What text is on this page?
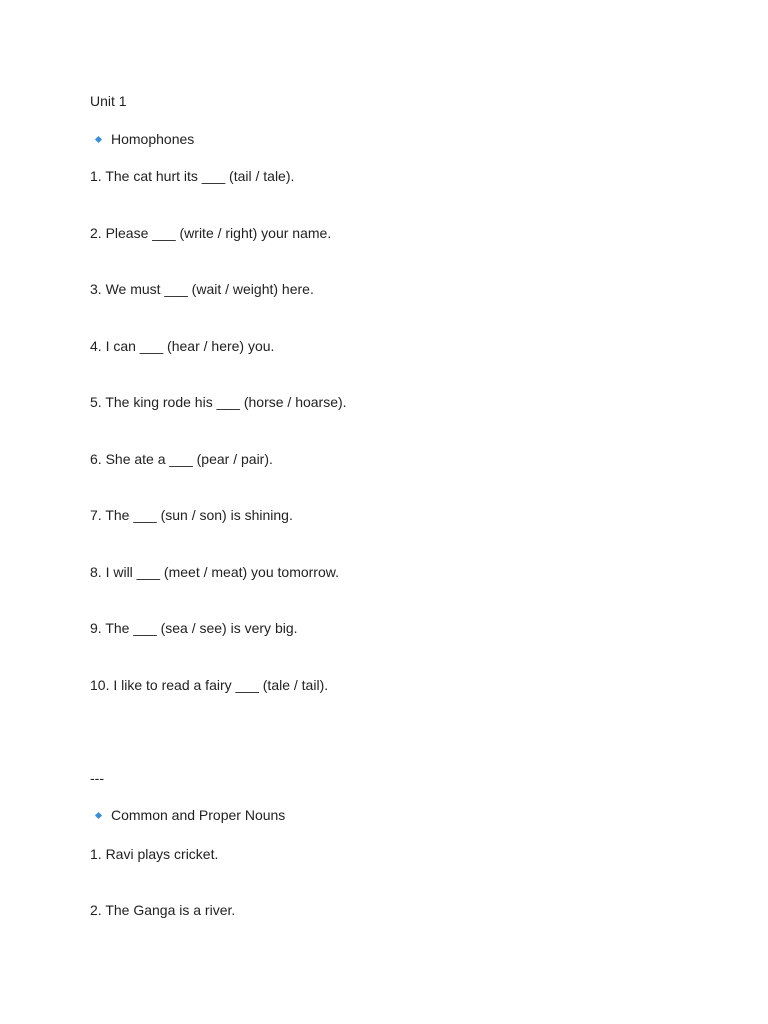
Unit 1
Homophones
1. The cat hurt its ___ (tail / tale).
2. Please ___ (write / right) your name.
3. We must ___ (wait / weight) here.
4. I can ___ (hear / here) you.
5. The king rode his ___ (horse / hoarse).
6. She ate a ___ (pear / pair).
7. The ___ (sun / son) is shining.
8. I will ___ (meet / meat) you tomorrow.
9. The ___ (sea / see) is very big.
10. I like to read a fairy ___ (tale / tail).
---
Common and Proper Nouns
1. Ravi plays cricket.
2. The Ganga is a river.
